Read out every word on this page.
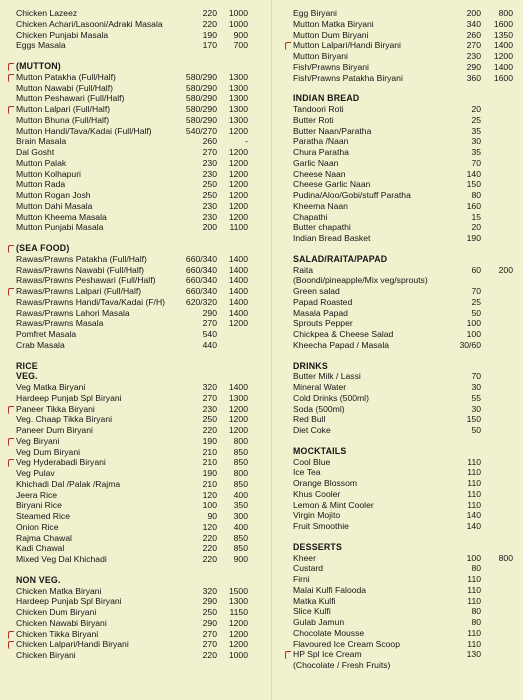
Chicken Lazeez	220	1000
Chicken Achari/Lasooni/Adraki Masala	220	1000
Chicken Punjabi Masala	190	900
Eggs Masala	170	700
(MUTTON)
Mutton Patakha (Full/Half)	580/290	1300
Mutton Nawabi (Full/Half)	580/290	1300
Mutton Peshawari (Full/Half)	580/290	1300
Mutton Lalpari (Full/Half)	580/290	1300
Mutton Bhuna (Full/Half)	580/290	1300
Mutton Handi/Tava/Kadai (Full/Half)	540/270	1200
Brain Masala	260	-
Dal Gosht	270	1200
Mutton Palak	230	1200
Mutton Kolhapuri	230	1200
Mutton Rada	250	1200
Mutton Rogan Josh	250	1200
Mutton Dahi Masala	230	1200
Mutton Kheema Masala	230	1200
Mutton Punjabi Masala	200	1100
(SEA FOOD)
Rawas/Prawns Patakha (Full/Half)	660/340	1400
Rawas/Prawns Nawabi (Full/Half)	660/340	1400
Rawas/Prawns Peshawari (Full/Half)	660/340	1400
Rawas/Prawns Lalpari (Full/Half)	660/340	1400
Rawas/Prawns Handi/Tava/Kadai (F/H)	620/320	1400
Rawas/Prawns Lahori Masala	290	1400
Rawas/Prawns Masala	270	1200
Pomfret Masala	540
Crab Masala	440
RICE
VEG.
Veg Matka Biryani	320	1400
Hardeep Punjab Spl Biryani	270	1300
Paneer Tikka Biryani	230	1200
Veg. Chaap Tikka Biryani	250	1200
Paneer Dum Biryani	220	1200
Veg Biryani	190	800
Veg Dum Biryani	210	850
Veg Hyderabadi Biryani	210	850
Veg Pulav	190	800
Khichadi Dal /Palak /Rajma	210	850
Jeera Rice	120	400
Biryani Rice	100	350
Steamed Rice	90	300
Onion Rice	120	400
Rajma Chawal	220	850
Kadi Chawal	220	850
Mixed Veg Dal Khichadi	220	900
NON VEG.
Chicken Matka Biryani	320	1500
Hardeep Punjab Spl Biryani	290	1300
Chicken Dum Biryani	250	1150
Chicken Nawabi Biryani	290	1200
Chicken Tikka Biryani	270	1200
Chicken Lalpari/Handi Biryani	270	1200
Chicken Biryani	220	1000
Egg Biryani	200	800
Mutton Matka Biryani	340	1600
Mutton Dum Biryani	260	1350
Mutton Lalpari/Handi Biryani	270	1400
Mutton Biryani	230	1200
Fish/Prawns Biryani	290	1400
Fish/Prawns Patakha Biryani	360	1600
INDIAN BREAD
Tandoori Roti	20
Butter Roti	25
Butter Naan/Paratha	35
Paratha /Naan	30
Chura Paratha	35
Garlic Naan	70
Cheese Naan	140
Cheese Garlic Naan	150
Pudina/Aloo/Gobi/stuff Paratha	80
Kheema Naan	160
Chapathi	15
Butter chapathi	20
Indian Bread Basket	190
SALAD/RAITA/PAPAD
Raita	60	200
(Boondi/pineapple/Mix veg/sprouts)
Green salad	70
Papad Roasted	25
Masala Papad	50
Sprouts Pepper	100
Chickpea & Cheese Salad	100
Kheecha Papad / Masala	30/60
DRINKS
Butter Milk / Lassi	70
Mineral Water	30
Cold Drinks (500ml)	55
Soda (500ml)	30
Red Bull	150
Diet Coke	50
MOCKTAILS
Cool Blue	110
Ice Tea	110
Orange Blossom	110
Khus Cooler	110
Lemon & Mint Cooler	110
Virgin Mojito	140
Fruit Smoothie	140
DESSERTS
Kheer	100	800
Custard	80
Firni	110
Malai Kulfi Falooda	110
Matka Kulfi	110
Slice Kulfi	80
Gulab Jamun	80
Chocolate Mousse	110
Flavoured Ice Cream Scoop	110
HP Spl Ice Cream	130
(Chocolate / Fresh Fruits)
